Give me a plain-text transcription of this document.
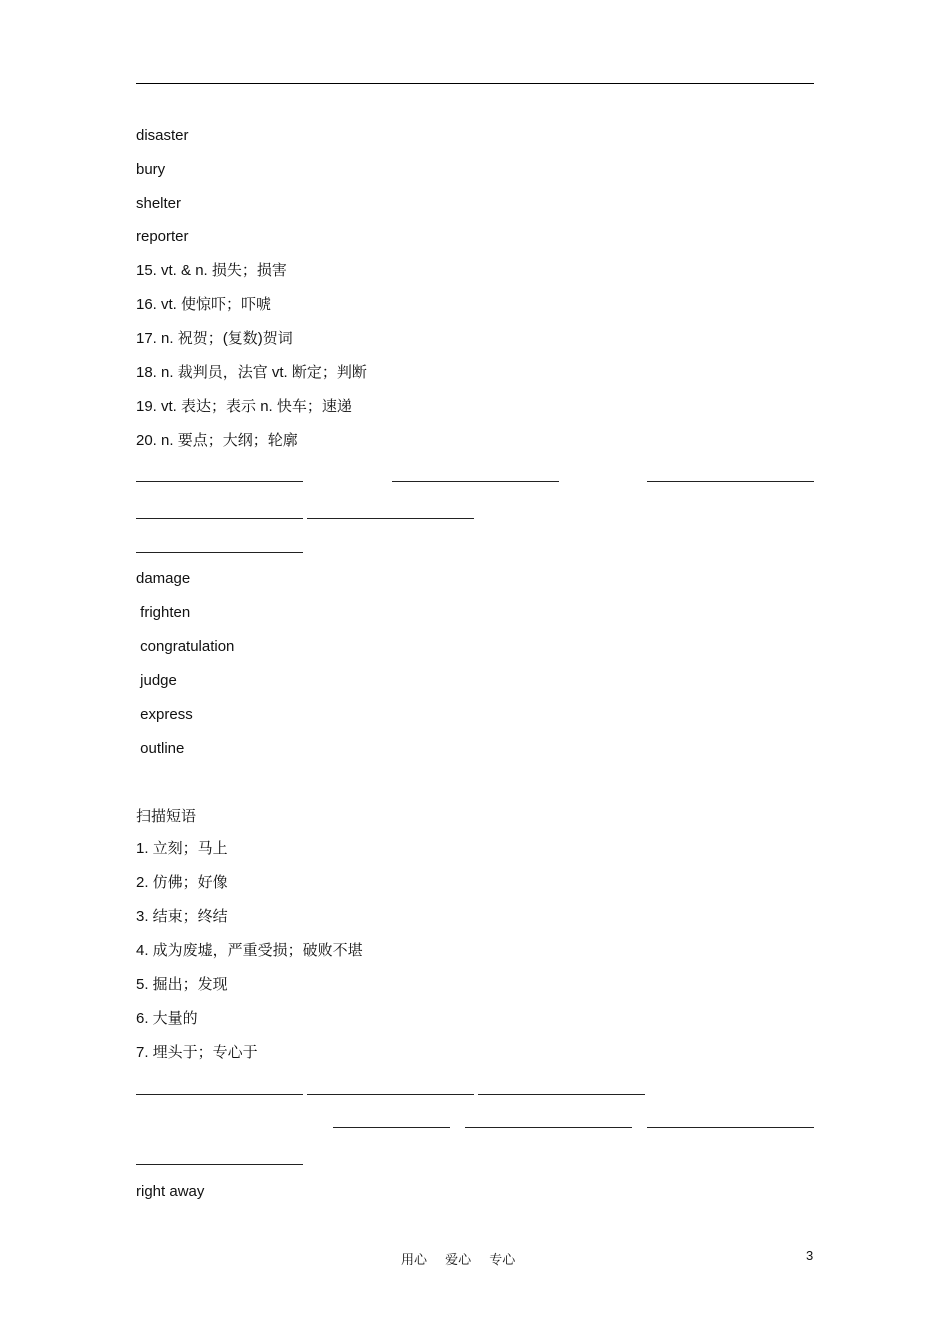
disaster
bury
shelter
reporter
15. vt. & n. 损失；损害
16. vt. 使惊吓；吓唬
17. n. 祝贺；(复数)贺词
18. n. 裁判员，法官 vt. 断定；判断
19. vt. 表达；表示 n. 快车；速递
20. n. 要点；大纲；轮廓
damage
frighten
congratulation
judge
express
outline
扫描短语
1. 立刻；马上
2. 仿佛；好像
3. 结束；终结
4. 成为废墟，严重受损；破败不堪
5. 掘出；发现
6. 大量的
7. 埋头于；专心于
right away
用心 爱心 专心	3
